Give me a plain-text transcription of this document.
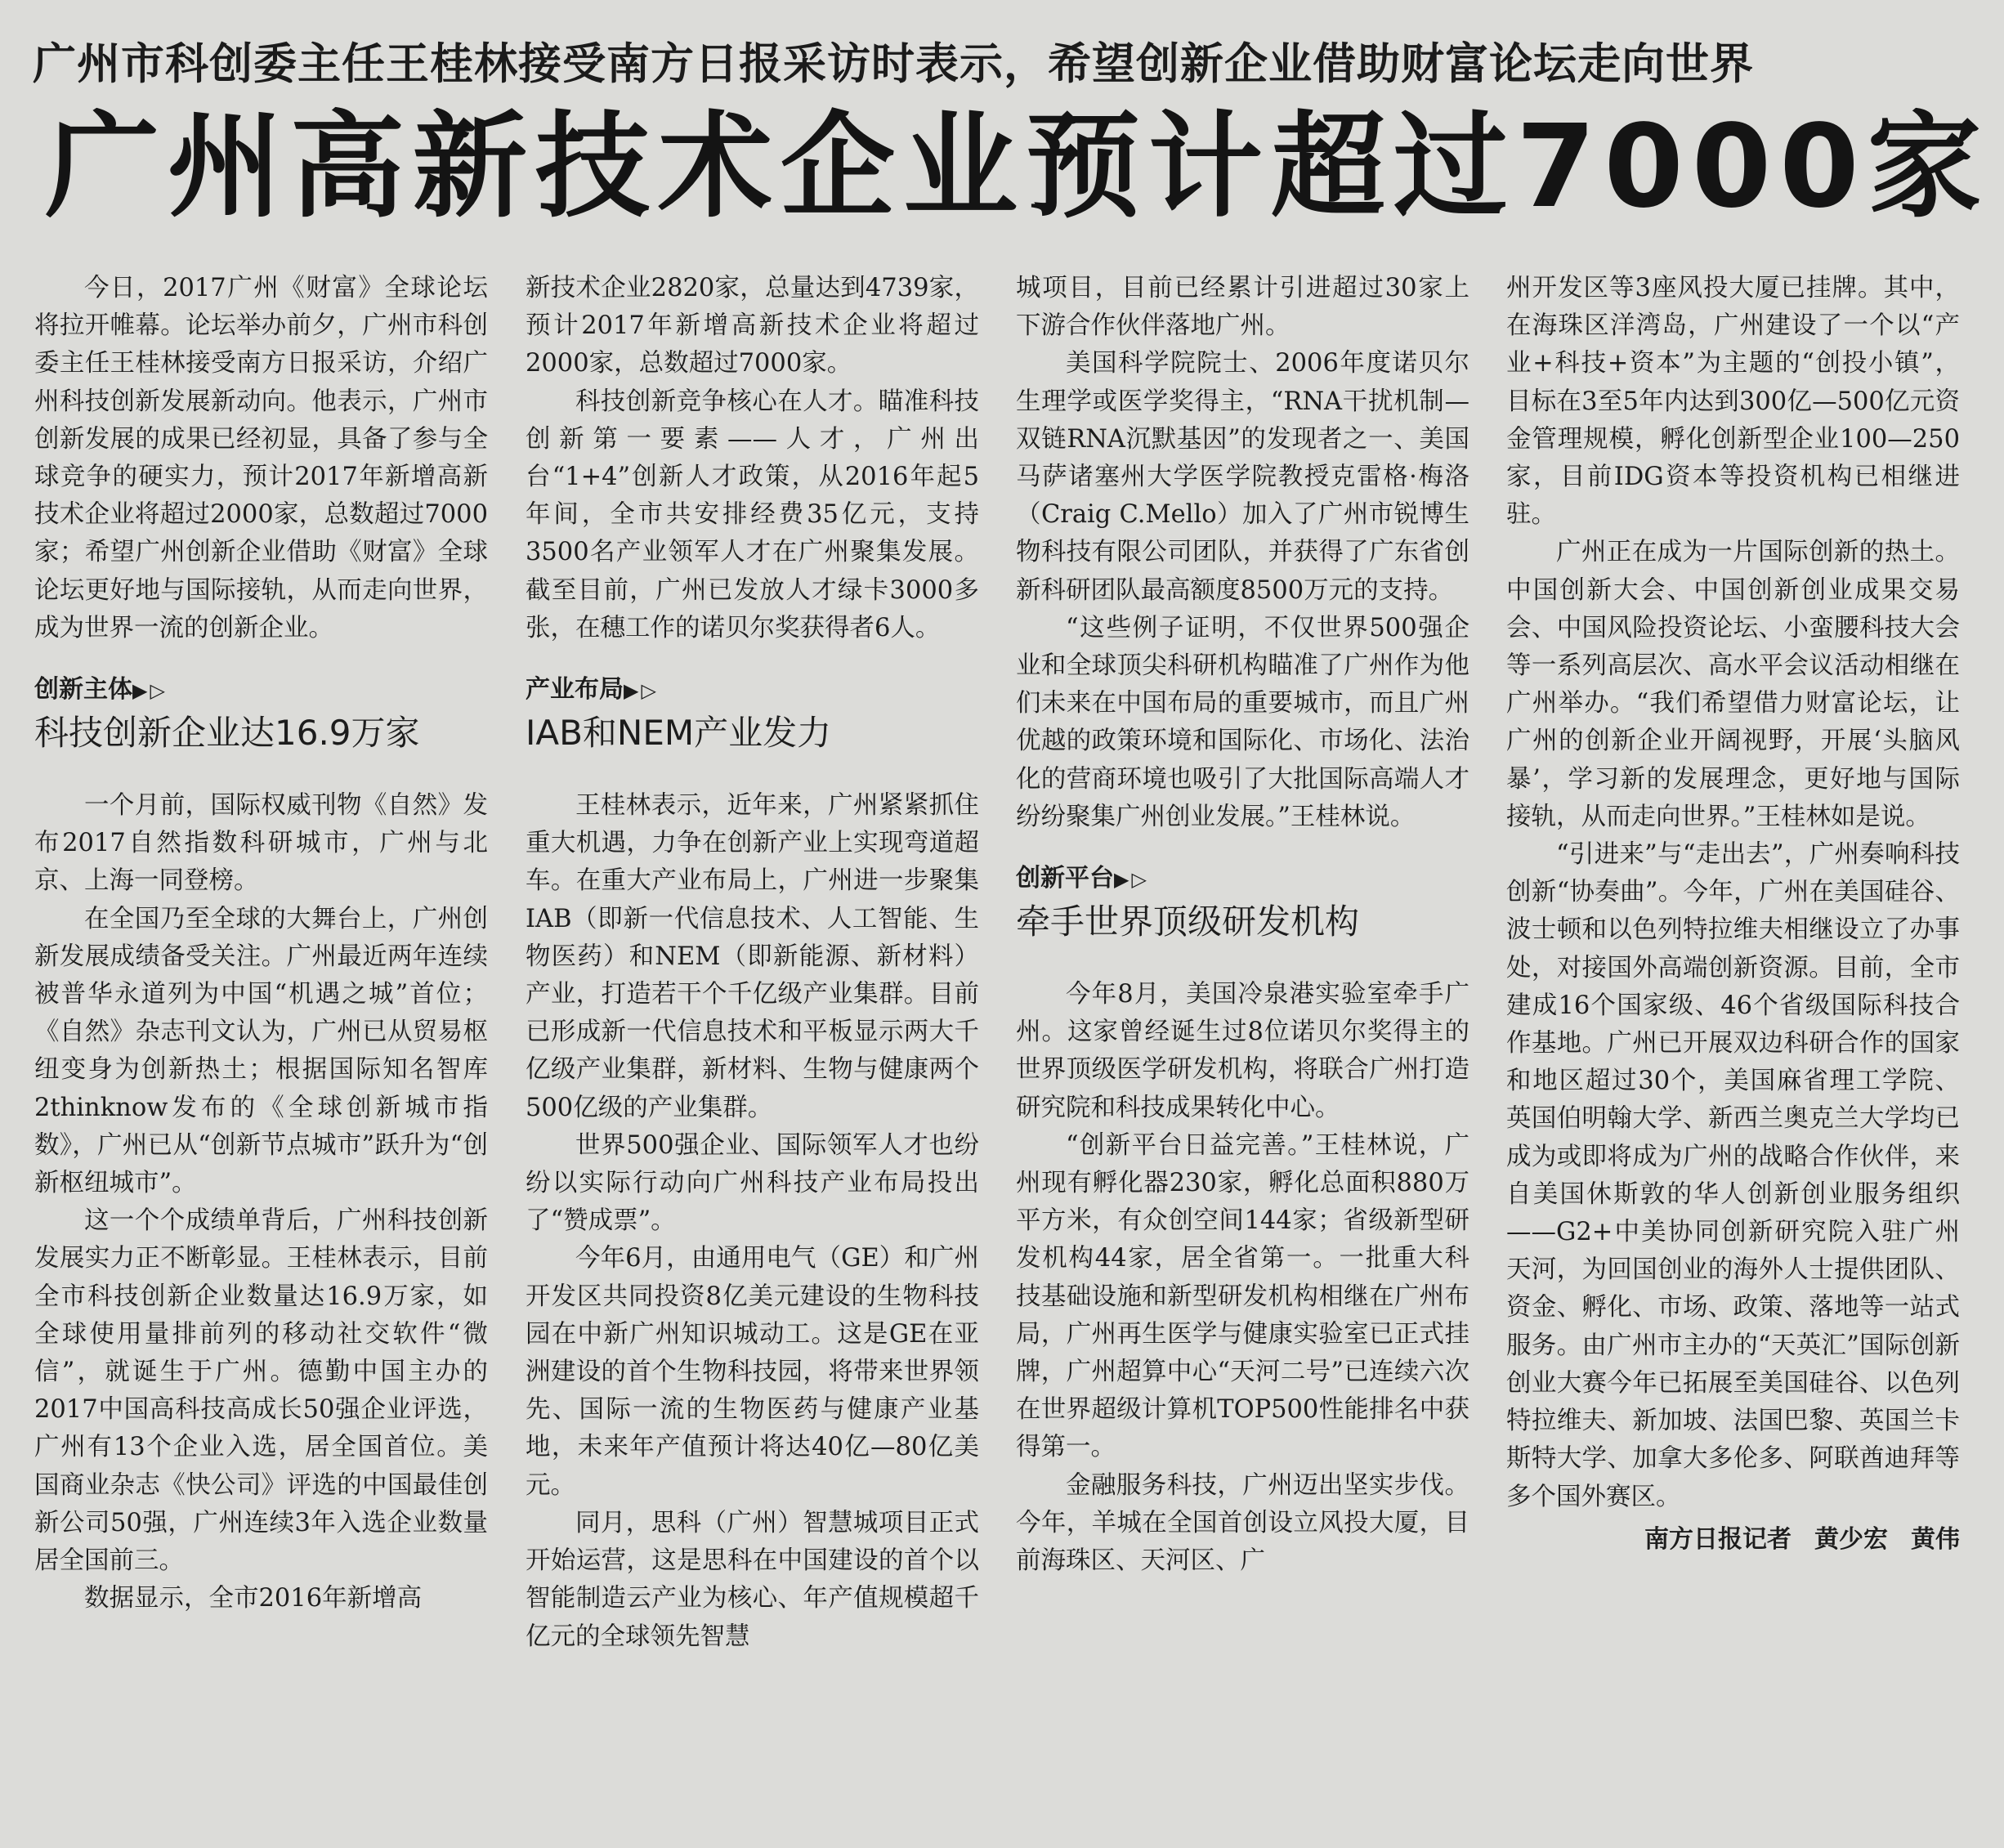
广州市科创委主任王桂林接受南方日报采访时表示，希望创新企业借助财富论坛走向世界
广州高新技术企业预计超过7000家

今日，2017广州《财富》全球论坛将拉开帷幕。论坛举办前夕，广州市科创委主任王桂林接受南方日报采访，介绍广州科技创新发展新动向。他表示，广州市创新发展的成果已经初显，具备了参与全球竞争的硬实力，预计2017年新增高新技术企业将超过2000家，总数超过7000家；希望广州创新企业借助《财富》全球论坛更好地与国际接轨，从而走向世界，成为世界一流的创新企业。

创新主体▶▷
科技创新企业达16.9万家

一个月前，国际权威刊物《自然》发布2017自然指数科研城市，广州与北京、上海一同登榜。

在全国乃至全球的大舞台上，广州创新发展成绩备受关注。广州最近两年连续被普华永道列为中国“机遇之城”首位；《自然》杂志刊文认为，广州已从贸易枢纽变身为创新热土；根据国际知名智库2thinknow发布的《全球创新城市指数》，广州已从“创新节点城市”跃升为“创新枢纽城市”。

这一个个成绩单背后，广州科技创新发展实力正不断彰显。王桂林表示，目前全市科技创新企业数量达16.9万家，如全球使用量排前列的移动社交软件“微信”，就诞生于广州。德勤中国主办的2017中国高科技高成长50强企业评选，广州有13个企业入选，居全国首位。美国商业杂志《快公司》评选的中国最佳创新公司50强，广州连续3年入选企业数量居全国前三。

数据显示，全市2016年新增高

新技术企业2820家，总量达到4739家，预计2017年新增高新技术企业将超过2000家，总数超过7000家。

科技创新竞争核心在人才。瞄准科技创新第一要素——人才，广州出台“1+4”创新人才政策，从2016年起5年间，全市共安排经费35亿元，支持3500名产业领军人才在广州聚集发展。截至目前，广州已发放人才绿卡3000多张，在穗工作的诺贝尔奖获得者6人。

产业布局▶▷
IAB和NEM产业发力

王桂林表示，近年来，广州紧紧抓住重大机遇，力争在创新产业上实现弯道超车。在重大产业布局上，广州进一步聚集IAB（即新一代信息技术、人工智能、生物医药）和NEM（即新能源、新材料）产业，打造若干个千亿级产业集群。目前已形成新一代信息技术和平板显示两大千亿级产业集群，新材料、生物与健康两个500亿级的产业集群。

世界500强企业、国际领军人才也纷纷以实际行动向广州科技产业布局投出了“赞成票”。

今年6月，由通用电气（GE）和广州开发区共同投资8亿美元建设的生物科技园在中新广州知识城动工。这是GE在亚洲建设的首个生物科技园，将带来世界领先、国际一流的生物医药与健康产业基地，未来年产值预计将达40亿—80亿美元。

同月，思科（广州）智慧城项目正式开始运营，这是思科在中国建设的首个以智能制造云产业为核心、年产值规模超千亿元的全球领先智慧

城项目，目前已经累计引进超过30家上下游合作伙伴落地广州。

美国科学院院士、2006年度诺贝尔生理学或医学奖得主，“RNA干扰机制—双链RNA沉默基因”的发现者之一、美国马萨诸塞州大学医学院教授克雷格·梅洛（Craig C.Mello）加入了广州市锐博生物科技有限公司团队，并获得了广东省创新科研团队最高额度8500万元的支持。

“这些例子证明，不仅世界500强企业和全球顶尖科研机构瞄准了广州作为他们未来在中国布局的重要城市，而且广州优越的政策环境和国际化、市场化、法治化的营商环境也吸引了大批国际高端人才纷纷聚集广州创业发展。”王桂林说。

创新平台▶▷
牵手世界顶级研发机构

今年8月，美国冷泉港实验室牵手广州。这家曾经诞生过8位诺贝尔奖得主的世界顶级医学研发机构，将联合广州打造研究院和科技成果转化中心。

“创新平台日益完善。”王桂林说，广州现有孵化器230家，孵化总面积880万平方米，有众创空间144家；省级新型研发机构44家，居全省第一。一批重大科技基础设施和新型研发机构相继在广州布局，广州再生医学与健康实验室已正式挂牌，广州超算中心“天河二号”已连续六次在世界超级计算机TOP500性能排名中获得第一。

金融服务科技，广州迈出坚实步伐。今年，羊城在全国首创设立风投大厦，目前海珠区、天河区、广

州开发区等3座风投大厦已挂牌。其中，在海珠区洋湾岛，广州建设了一个以“产业+科技+资本”为主题的“创投小镇”，目标在3至5年内达到300亿—500亿元资金管理规模，孵化创新型企业100—250家，目前IDG资本等投资机构已相继进驻。

广州正在成为一片国际创新的热土。中国创新大会、中国创新创业成果交易会、中国风险投资论坛、小蛮腰科技大会等一系列高层次、高水平会议活动相继在广州举办。“我们希望借力财富论坛，让广州的创新企业开阔视野，开展‘头脑风暴’，学习新的发展理念，更好地与国际接轨，从而走向世界。”王桂林如是说。

“引进来”与“走出去”，广州奏响科技创新“协奏曲”。今年，广州在美国硅谷、波士顿和以色列特拉维夫相继设立了办事处，对接国外高端创新资源。目前，全市建成16个国家级、46个省级国际科技合作基地。广州已开展双边科研合作的国家和地区超过30个，美国麻省理工学院、英国伯明翰大学、新西兰奥克兰大学均已成为或即将成为广州的战略合作伙伴，来自美国休斯敦的华人创新创业服务组织——G2+中美协同创新研究院入驻广州天河，为回国创业的海外人士提供团队、资金、孵化、市场、政策、落地等一站式服务。由广州市主办的“天英汇”国际创新创业大赛今年已拓展至美国硅谷、以色列特拉维夫、新加坡、法国巴黎、英国兰卡斯特大学、加拿大多伦多、阿联酋迪拜等多个国外赛区。

南方日报记者 黄少宏 黄伟
